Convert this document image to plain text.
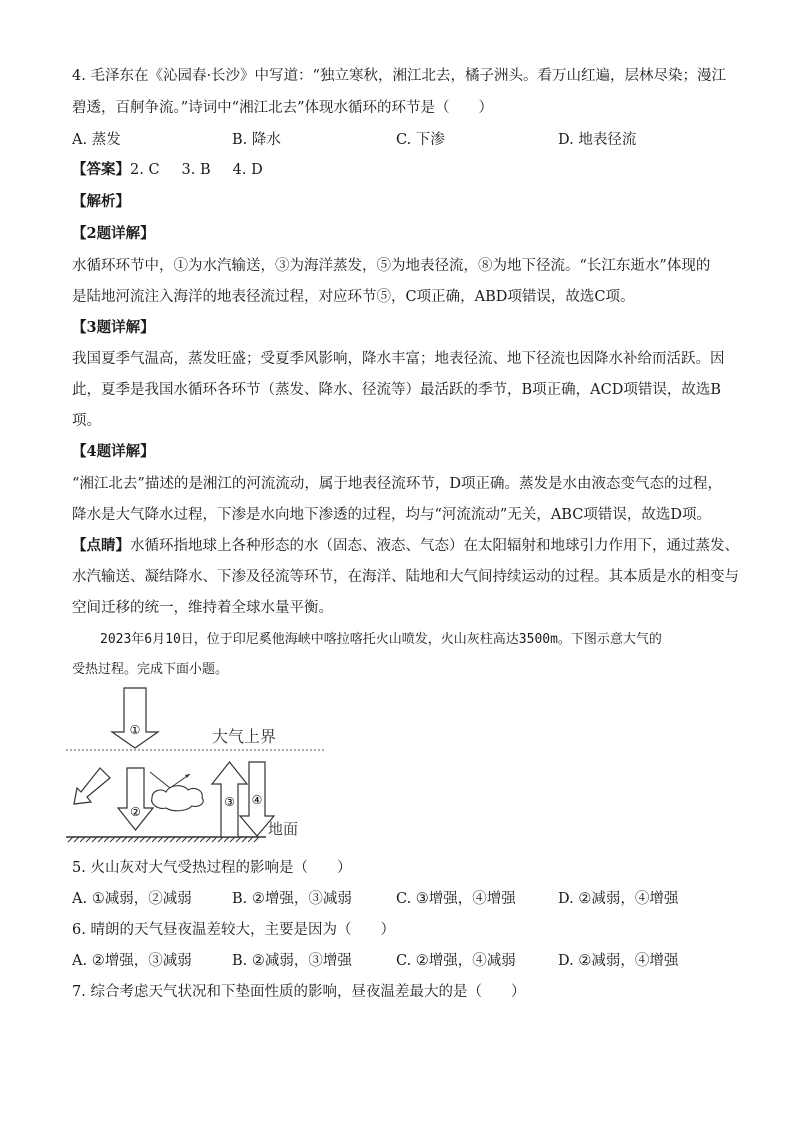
4. 毛泽东在《沁园春·长沙》中写道：“独立寒秋，湘江北去，橘子洲头。看万山红遍，层林尽染；漫江
碧透，百舸争流。”诗词中“湘江北去”体现水循环的环节是（　　）
A. 蒸发	B. 降水	C. 下渗	D. 地表径流
【答案】2. C 3. B 4. D
【解析】
【2题详解】
水循环环节中，①为水汽输送，③为海洋蒸发，⑤为地表径流，⑧为地下径流。“长江东逝水”体现的
是陆地河流注入海洋的地表径流过程，对应环节⑤，C项正确，ABD项错误，故选C项。
【3题详解】
我国夏季气温高，蒸发旺盛；受夏季风影响，降水丰富；地表径流、地下径流也因降水补给而活跃。因
此，夏季是我国水循环各环节（蒸发、降水、径流等）最活跃的季节，B项正确，ACD项错误，故选B
项。
【4题详解】
“湘江北去”描述的是湘江的河流流动，属于地表径流环节，D项正确。蒸发是水由液态变气态的过程，
降水是大气降水过程，下渗是水向地下渗透的过程，均与“河流流动”无关，ABC项错误，故选D项。
【点睛】水循环指地球上各种形态的水（固态、液态、气态）在太阳辐射和地球引力作用下，通过蒸发、
水汽输送、凝结降水、下渗及径流等环节，在海洋、陆地和大气间持续运动的过程。其本质是水的相变与
空间迁移的统一，维持着全球水量平衡。
2023年6月10日，位于印尼奚他海峡中喀拉喀托火山喷发，火山灰柱高达3500m。下图示意大气的
受热过程。完成下面小题。
①
②
③ ④
大气上界
地面
5. 火山灰对大气受热过程的影响是（　　）
A. ①减弱，②减弱	B. ②增强，③减弱	C. ③增强，④增强	D. ②减弱，④增强
6. 晴朗的天气昼夜温差较大，主要是因为（　　）
A. ②增强，③减弱	B. ②减弱，③增强	C. ②增强，④减弱	D. ②减弱，④增强
7. 综合考虑天气状况和下垫面性质的影响，昼夜温差最大的是（　　）
